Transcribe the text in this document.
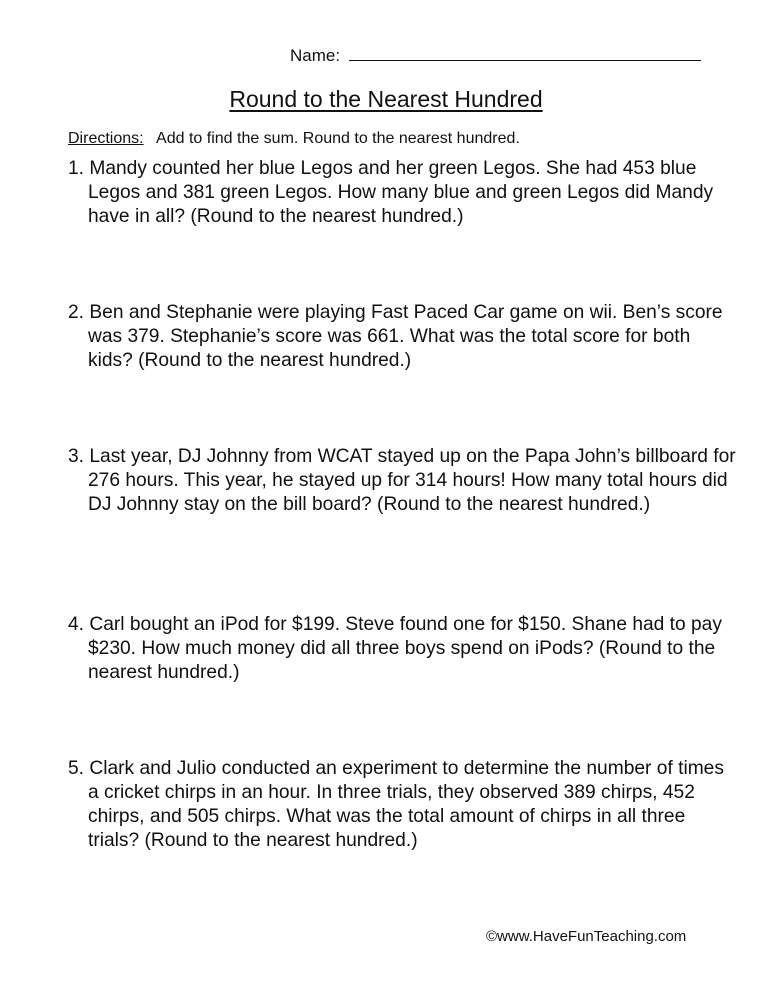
Name:
Round to the Nearest Hundred
Directions: Add to find the sum. Round to the nearest hundred.
1. Mandy counted her blue Legos and her green Legos. She had 453 blue Legos and 381 green Legos. How many blue and green Legos did Mandy have in all? (Round to the nearest hundred.)
2. Ben and Stephanie were playing Fast Paced Car game on wii. Ben’s score was 379. Stephanie’s score was 661. What was the total score for both kids? (Round to the nearest hundred.)
3. Last year, DJ Johnny from WCAT stayed up on the Papa John’s billboard for 276 hours. This year, he stayed up for 314 hours! How many total hours did DJ Johnny stay on the bill board? (Round to the nearest hundred.)
4. Carl bought an iPod for $199. Steve found one for $150. Shane had to pay $230. How much money did all three boys spend on iPods? (Round to the nearest hundred.)
5. Clark and Julio conducted an experiment to determine the number of times a cricket chirps in an hour. In three trials, they observed 389 chirps, 452 chirps, and 505 chirps. What was the total amount of chirps in all three trials? (Round to the nearest hundred.)
©www.HaveFunTeaching.com
